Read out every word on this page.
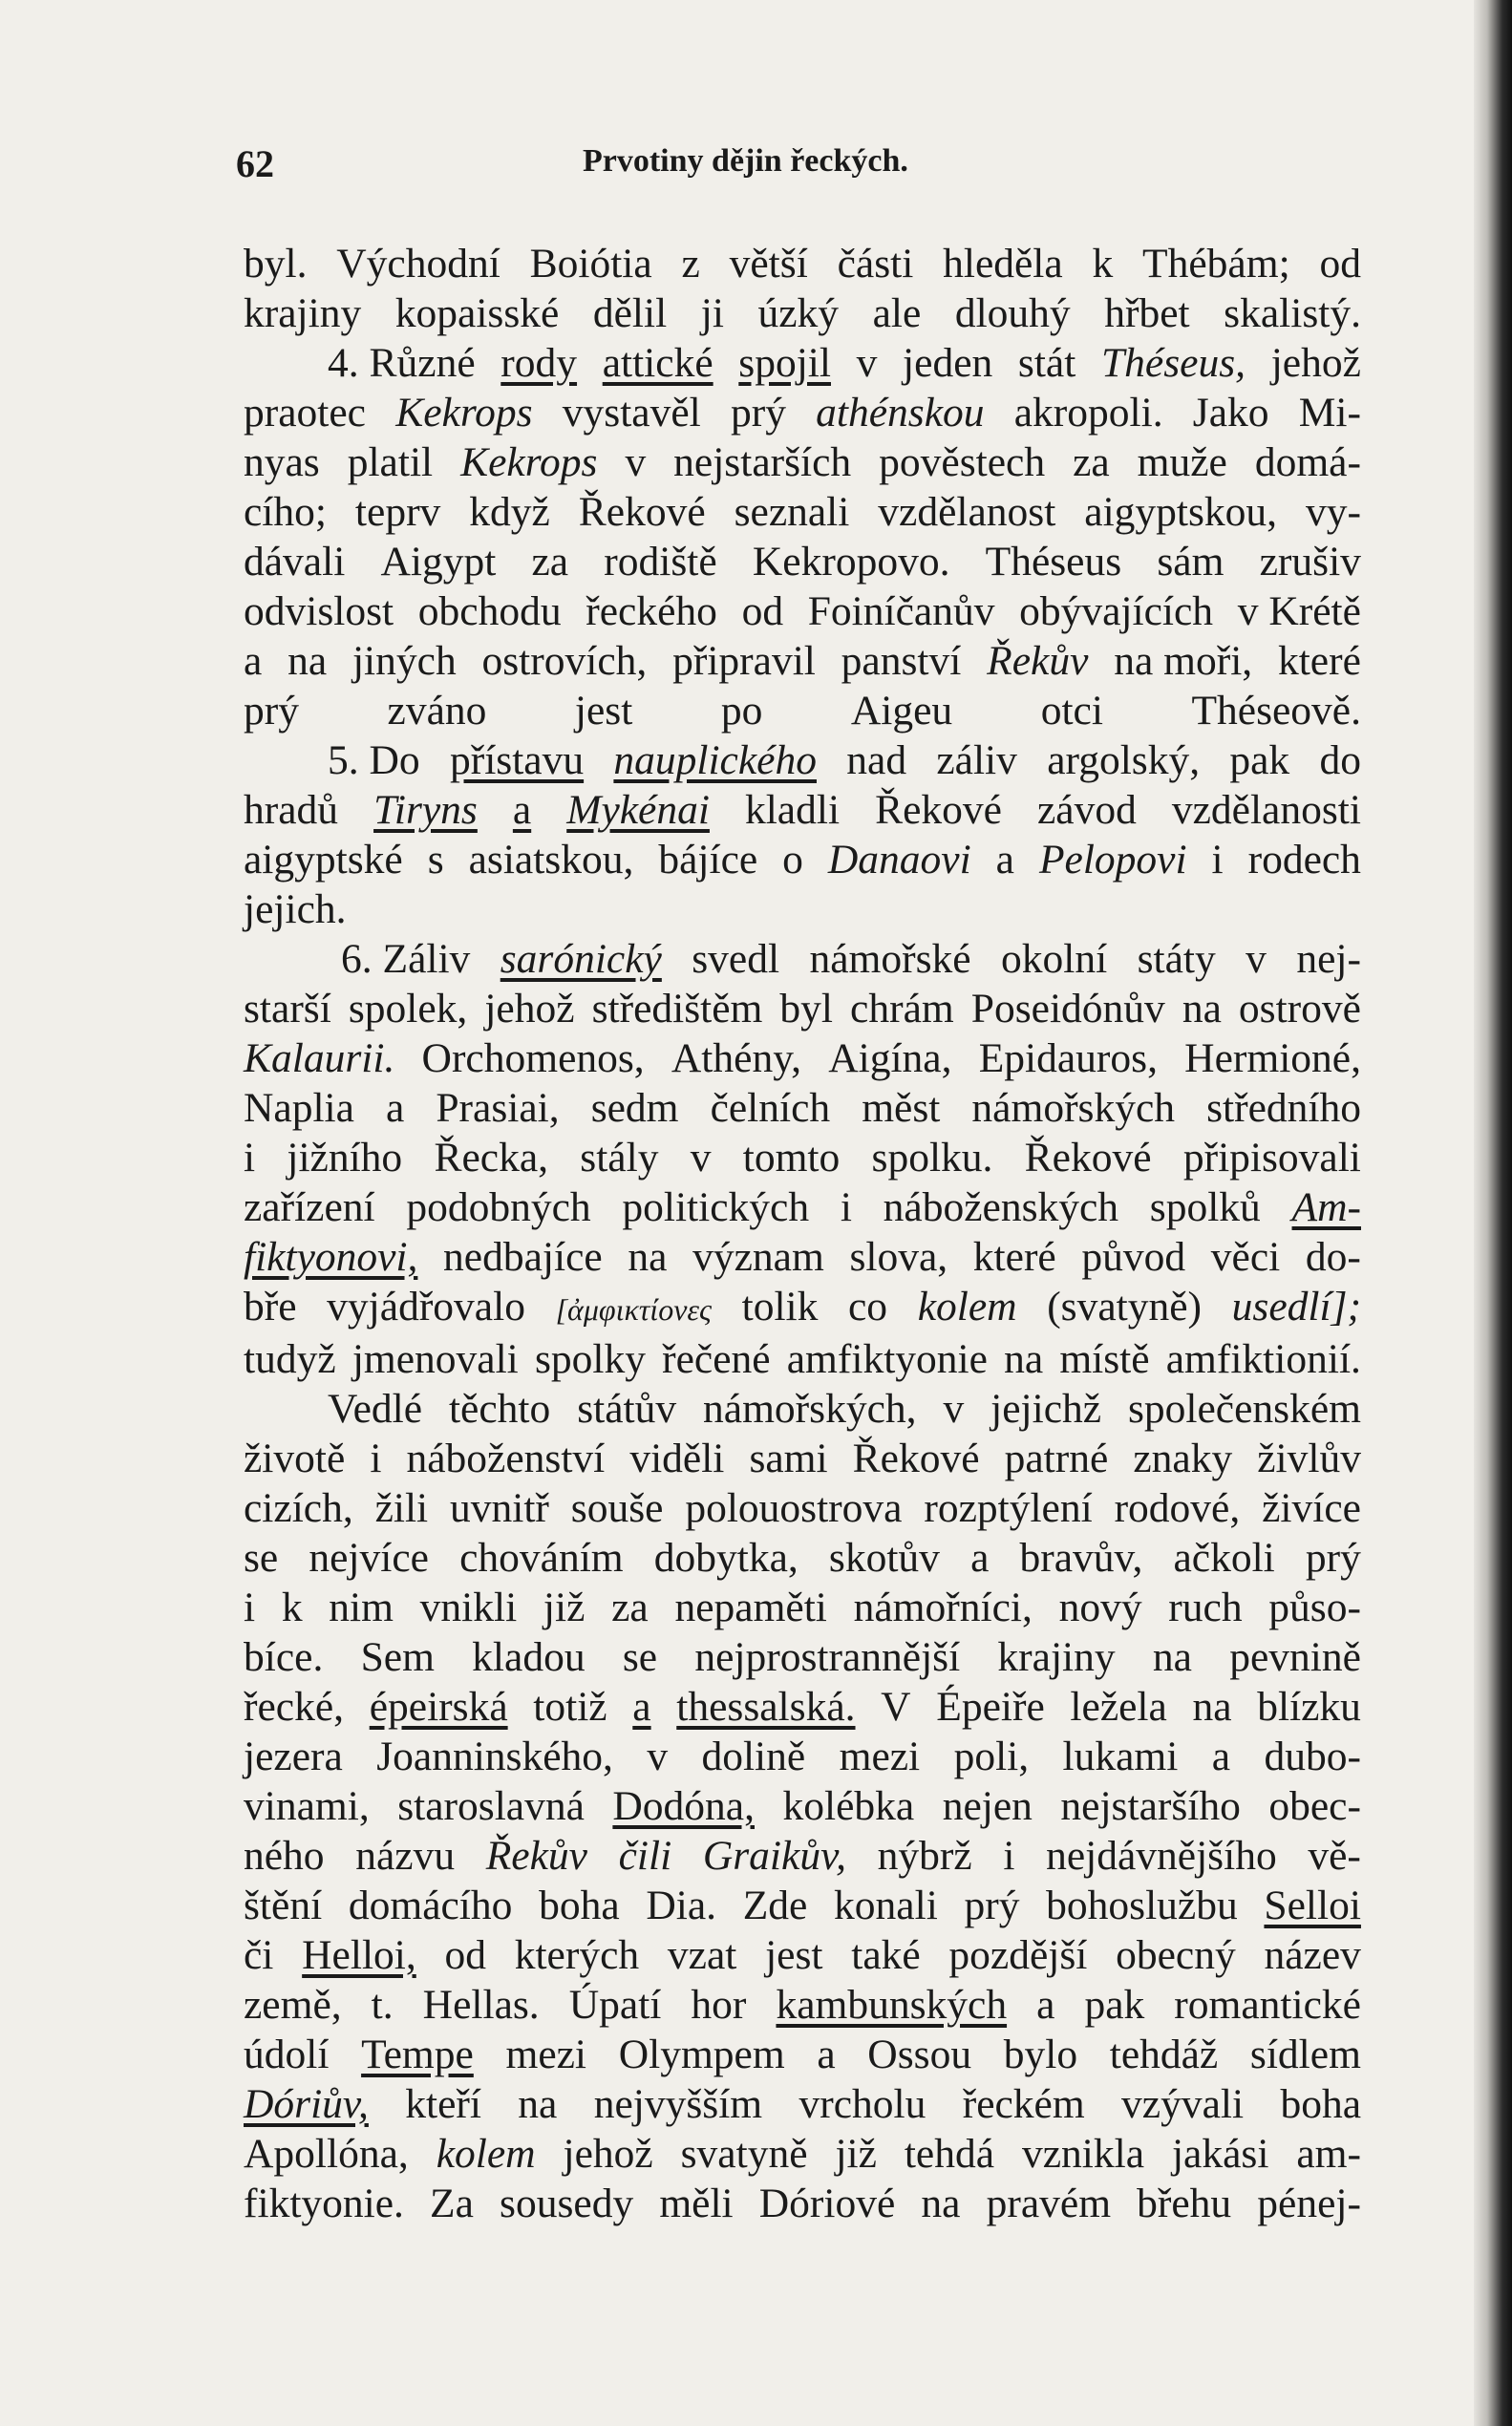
62	Prvotiny dějin řeckých.
byl. Východní Boiótia z větší části hleděla k Thébám; od
krajiny kopaisské dělil ji úzký ale dlouhý hřbet skalistý.
4. Různé rody attické spojil v jeden stát Théseus, jehož
praotec Kekrops vystavěl prý athénskou akropoli. Jako Mi-
nyas platil Kekrops v nejstarších pověstech za muže domá-
cího; teprv když Řekové seznali vzdělanost aigyptskou, vy-
dávali Aigypt za rodiště Kekropovo. Théseus sám zrušiv
odvislost obchodu řeckého od Foiníčanův obývajících v Krétě
a na jiných ostrovích, připravil panství Řekův na moři, které
prý zváno jest po Aigeu otci Théseově.
5. Do přístavu nauplického nad záliv argolský, pak do
hradů Tiryns a Mykénai kladli Řekové závod vzdělanosti
aigyptské s asiatskou, bájíce o Danaovi a Pelopovi i rodech
jejich.
6. Záliv sarónický svedl námořské okolní státy v nej-
starší spolek, jehož středištěm byl chrám Poseidónův na ostrově
Kalaurii. Orchomenos, Athény, Aigína, Epidauros, Hermioné,
Naplia a Prasiai, sedm čelních měst námořských středního
i jižního Řecka, stály v tomto spolku. Řekové připisovali
zařízení podobných politických i náboženských spolků Am-
fiktyonovi, nedbajíce na význam slova, které původ věci do-
bře vyjádřovalo [ἀμφικτίονες tolik co kolem (svatyně) usedlí];
tudyž jmenovali spolky řečené amfiktyonie na místě amfiktionií.
Vedlé těchto státův námořských, v jejichž společenském
životě i náboženství viděli sami Řekové patrné znaky živlův
cizích, žili uvnitř souše polouostrova rozptýlení rodové, živíce
se nejvíce chováním dobytka, skotův a bravův, ačkoli prý
i k nim vnikli již za nepaměti námořníci, nový ruch půso-
bíce. Sem kladou se nejprostrannější krajiny na pevnině
řecké, épeirská totiž a thessalská. V Épeiře ležela na blízku
jezera Joanninského, v dolině mezi poli, lukami a dubo-
vinami, staroslavná Dodóna, kolébka nejen nejstaršího obec-
ného názvu Řekův čili Graikův, nýbrž i nejdávnějšího vě-
štění domácího boha Dia. Zde konali prý bohoslužbu Selloi
či Helloi, od kterých vzat jest také pozdější obecný název
země, t. Hellas. Úpatí hor kambunských a pak romantické
údolí Tempe mezi Olympem a Ossou bylo tehdáž sídlem
Dóriův, kteří na nejvyšším vrcholu řeckém vzývali boha
Apollóna, kolem jehož svatyně již tehdá vznikla jakási am-
fiktyonie. Za sousedy měli Dóriové na pravém břehu pénej-
